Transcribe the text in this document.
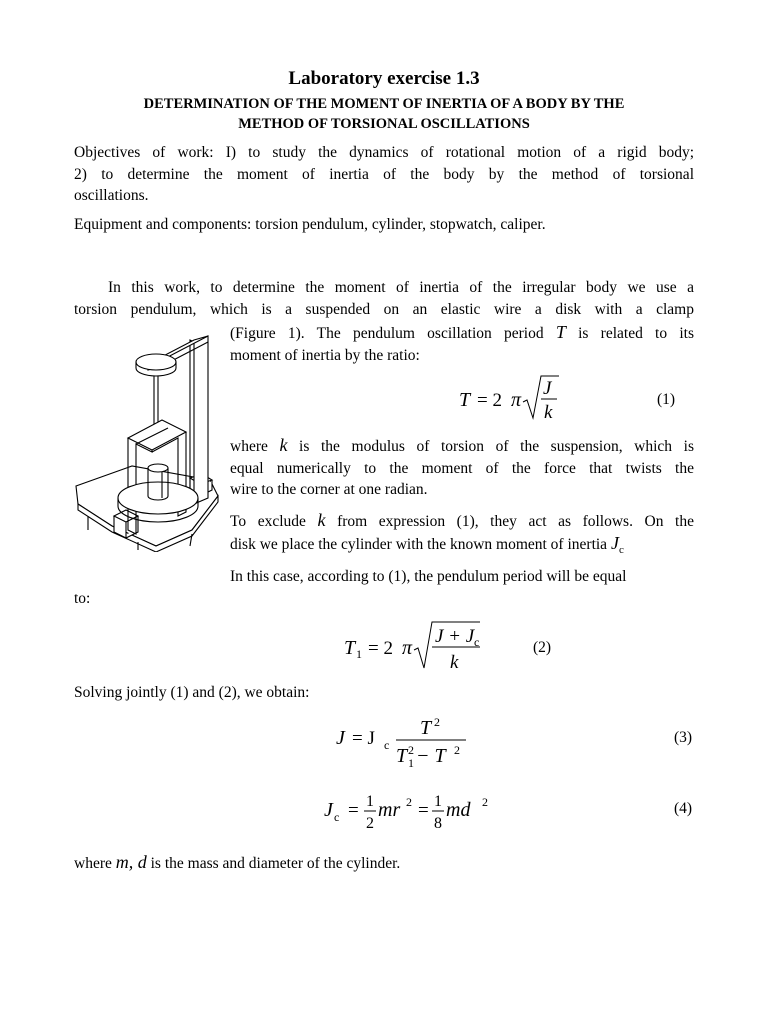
Laboratory exercise 1.3
DETERMINATION OF THE MOMENT OF INERTIA OF A BODY BY THE
METHOD OF TORSIONAL OSCILLATIONS
Objectives of work: I) to study the dynamics of rotational motion of a rigid body;
2) to determine the moment of inertia of the body by the method of torsional
oscillations.
Equipment and components: torsion pendulum, cylinder, stopwatch, caliper.
In this work, to determine the moment of inertia of the irregular body we use a
torsion pendulum, which is a suspended on an elastic wire a disk with a clamp
(Figure 1). The pendulum oscillation period T is related to its
moment of inertia by the ratio:
T = 2 π
J
k
(1)
where k is the modulus of torsion of the suspension, which is
equal numerically to the moment of the force that twists the
wire to the corner at one radian.
To exclude k from expression (1), they act as follows. On the
disk we place the cylinder with the known moment of inertia $J_c$
In this case, according to (1), the pendulum period will be equal
to:
T 1 = 2 π
J + J c
k
(2)
Solving jointly (1) and (2), we obtain:
J = J c
T 2
T 1
2 − T 2
(3)
J c = 1
2
mr 2 = 1
8
md 2	(4)
where m, d is the mass and diameter of the cylinder.
